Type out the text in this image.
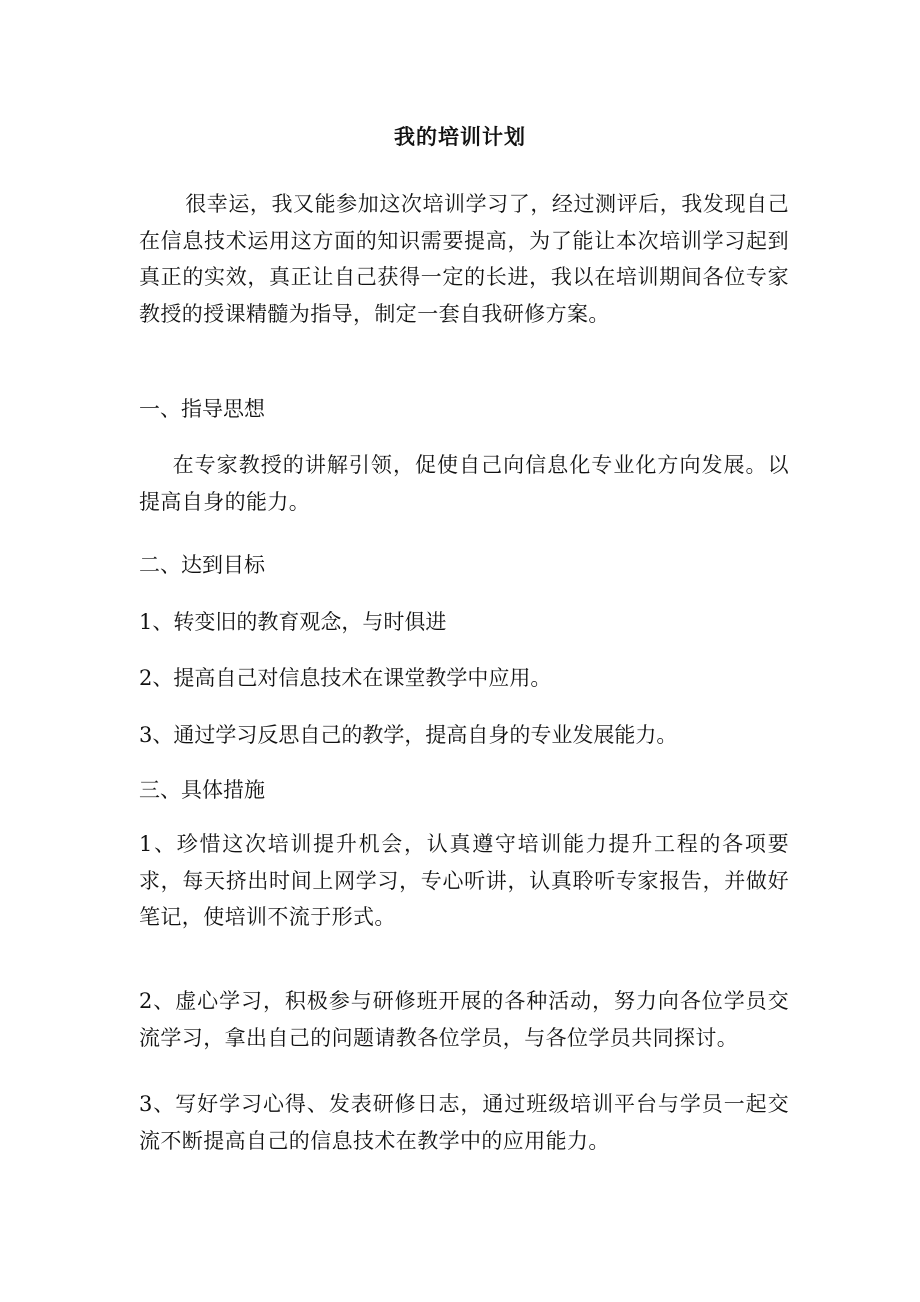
我的培训计划
很幸运，我又能参加这次培训学习了，经过测评后，我发现自己在信息技术运用这方面的知识需要提高，为了能让本次培训学习起到真正的实效，真正让自己获得一定的长进，我以在培训期间各位专家教授的授课精髓为指导，制定一套自我研修方案。
一、指导思想
在专家教授的讲解引领，促使自己向信息化专业化方向发展。以提高自身的能力。
二、达到目标
1、转变旧的教育观念，与时俱进
2、提高自己对信息技术在课堂教学中应用。
3、通过学习反思自己的教学，提高自身的专业发展能力。
三、具体措施
1、珍惜这次培训提升机会，认真遵守培训能力提升工程的各项要求，每天挤出时间上网学习，专心听讲，认真聆听专家报告，并做好笔记，使培训不流于形式。
2、虚心学习，积极参与研修班开展的各种活动，努力向各位学员交流学习，拿出自己的问题请教各位学员，与各位学员共同探讨。
3、写好学习心得、发表研修日志，通过班级培训平台与学员一起交流不断提高自己的信息技术在教学中的应用能力。
